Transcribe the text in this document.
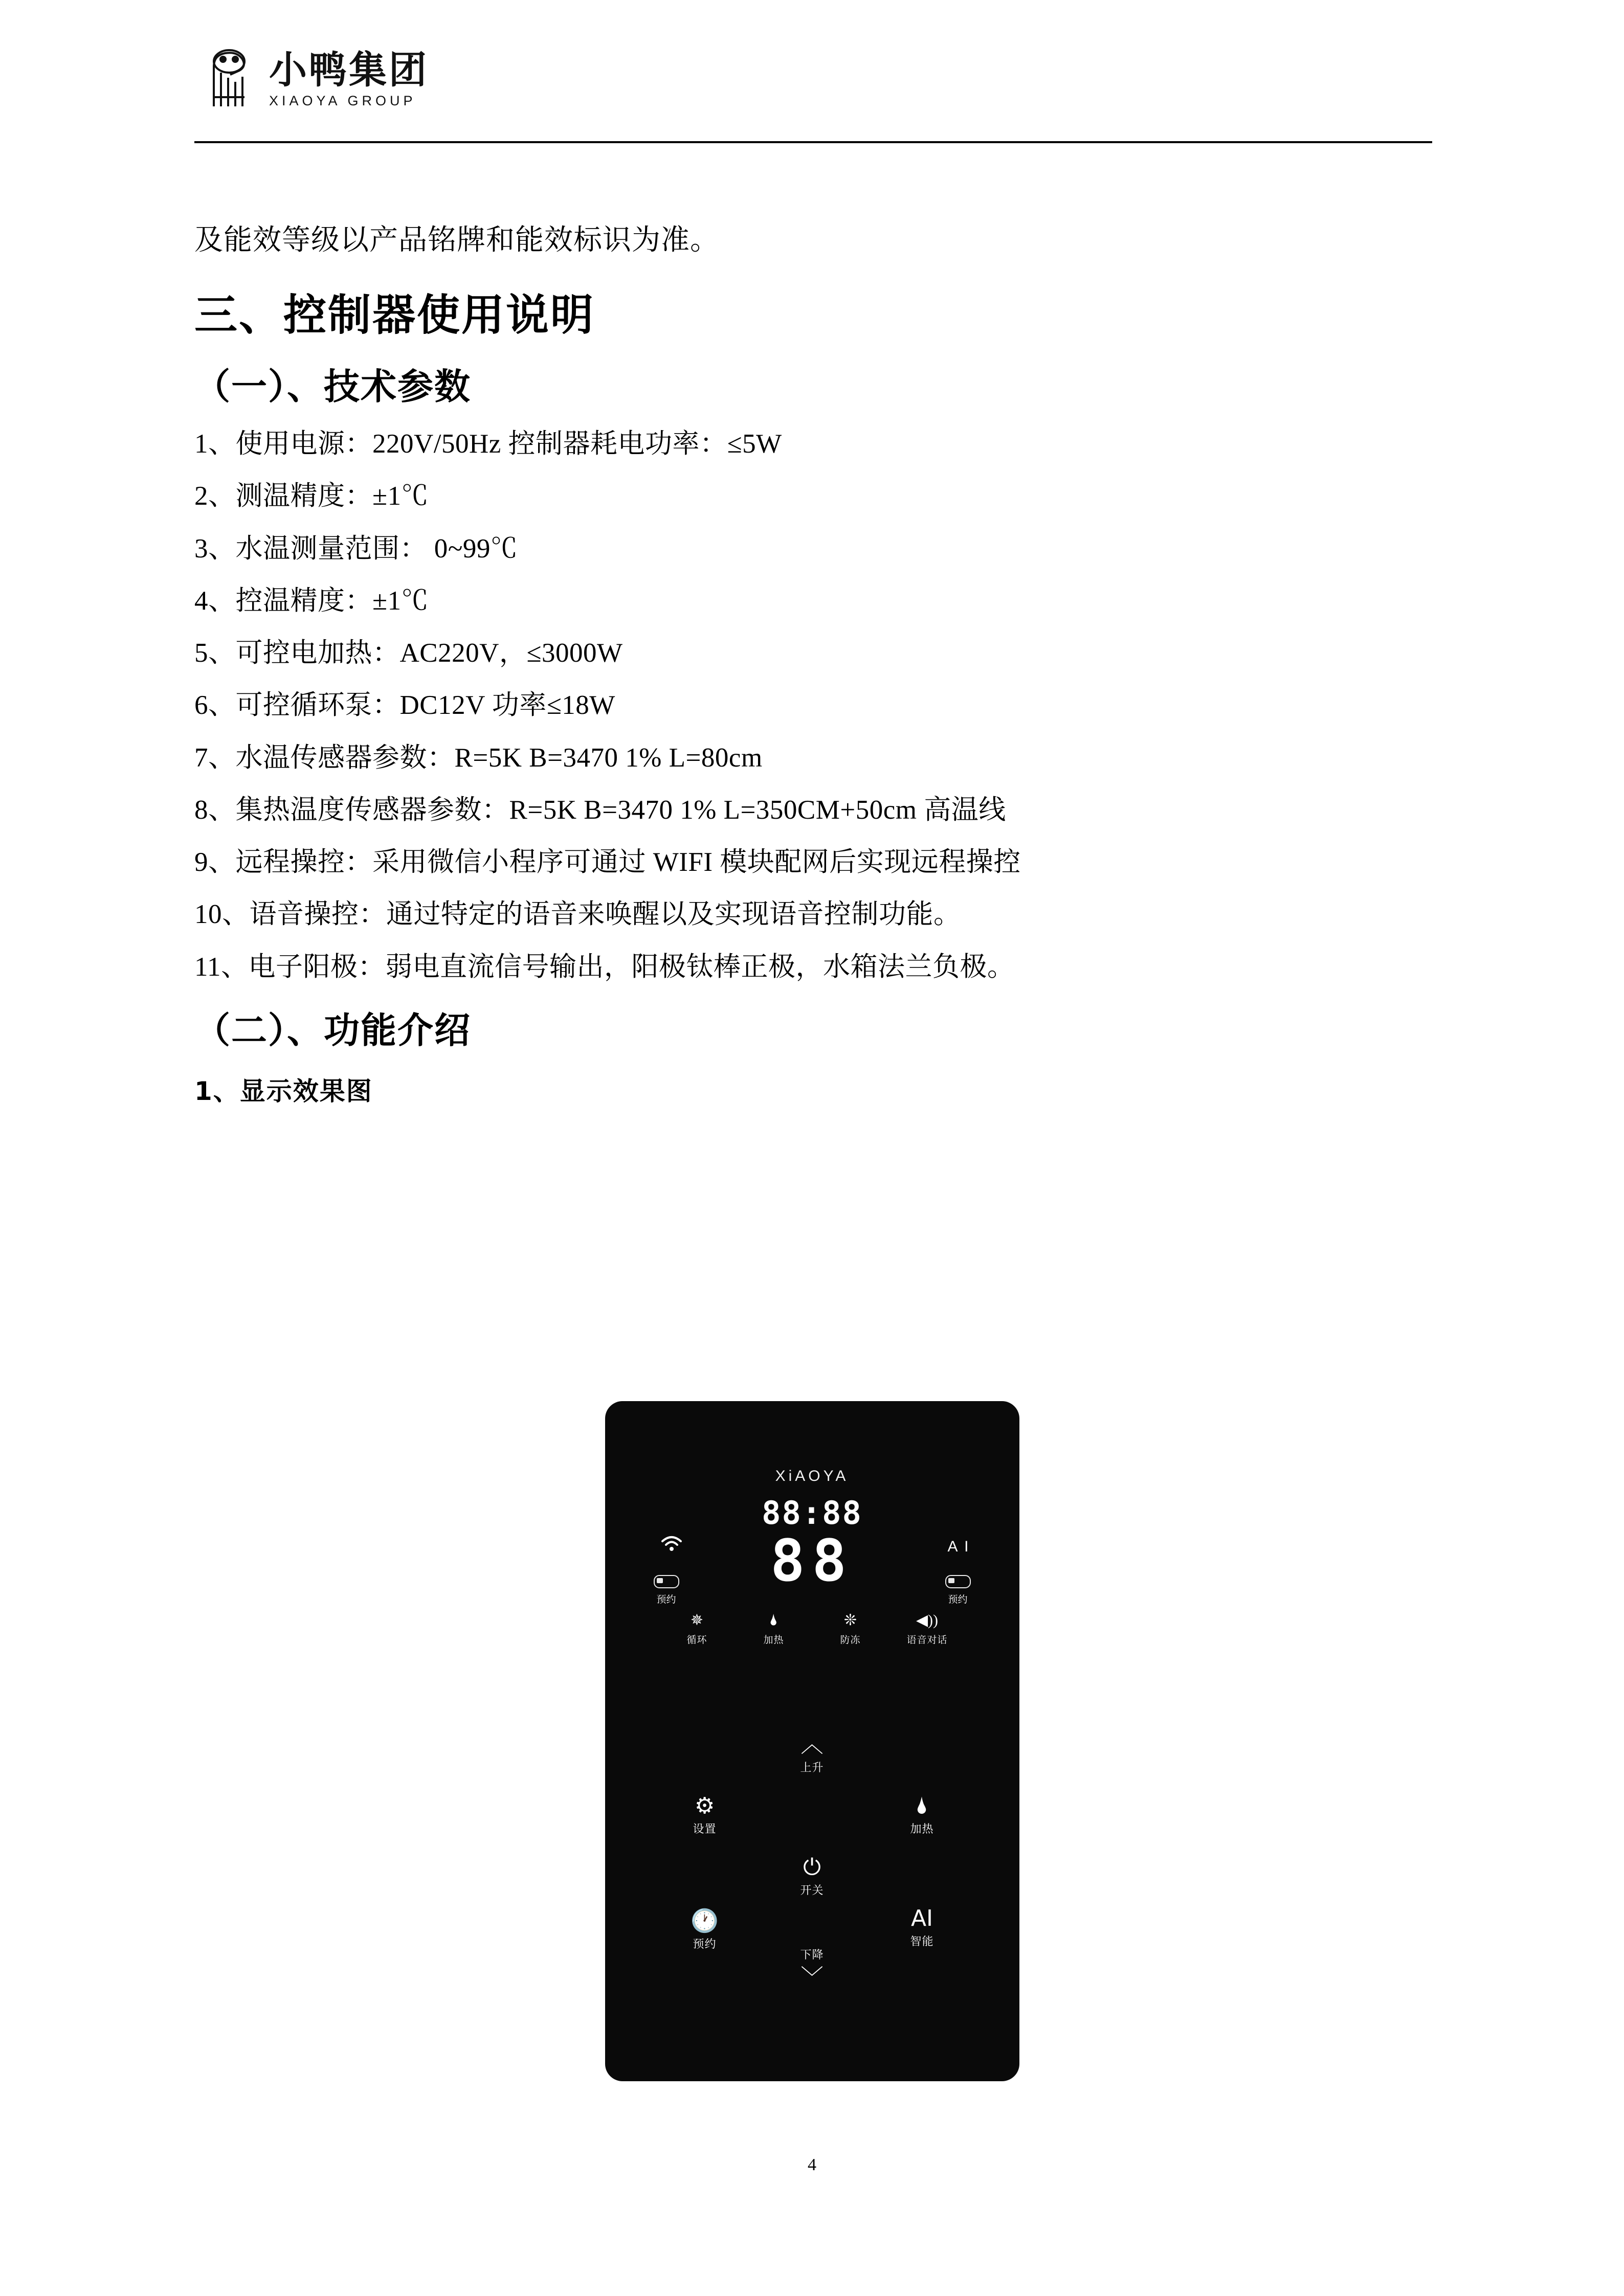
小鸭集团
XIAOYA GROUP

及能效等级以产品铭牌和能效标识为准。

三、控制器使用说明
（一）、技术参数
1、使用电源：220V/50Hz 控制器耗电功率：≤5W
2、测温精度：±1℃
3、水温测量范围： 0~99℃
4、控温精度：±1℃
5、可控电加热：AC220V，≤3000W
6、可控循环泵：DC12V 功率≤18W
7、水温传感器参数：R=5K B=3470 1% L=80cm
8、集热温度传感器参数：R=5K B=3470 1% L=350CM+50cm 高温线
9、远程操控：采用微信小程序可通过 WIFI 模块配网后实现远程操控
10、语音操控：通过特定的语音来唤醒以及实现语音控制功能。
11、电子阳极：弱电直流信号输出，阳极钛棒正极，水箱法兰负极。
（二）、功能介绍
1、显示效果图
XiAOYA
88:88
88	A I
预约	预约
✵
循环
🌢
加热
❊
防冻
◀))
语音对话
︿
上升
⚙
设置
🌢
加热
⏻
开关
🕐
预约
AI
智能
下降
﹀
4
